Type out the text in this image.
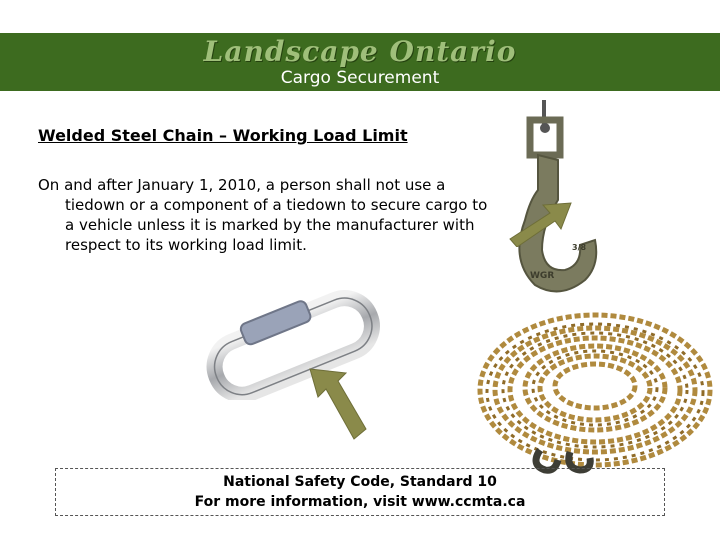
Landscape Ontario
Cargo Securement
Welded Steel Chain – Working Load Limit
On and after January 1, 2010, a person shall not use a tiedown or a component of a tiedown to secure cargo to a vehicle unless it is marked by the manufacturer with respect to its working load limit.
WGR
3/8
National Safety Code, Standard 10
For more information, visit www.ccmta.ca
